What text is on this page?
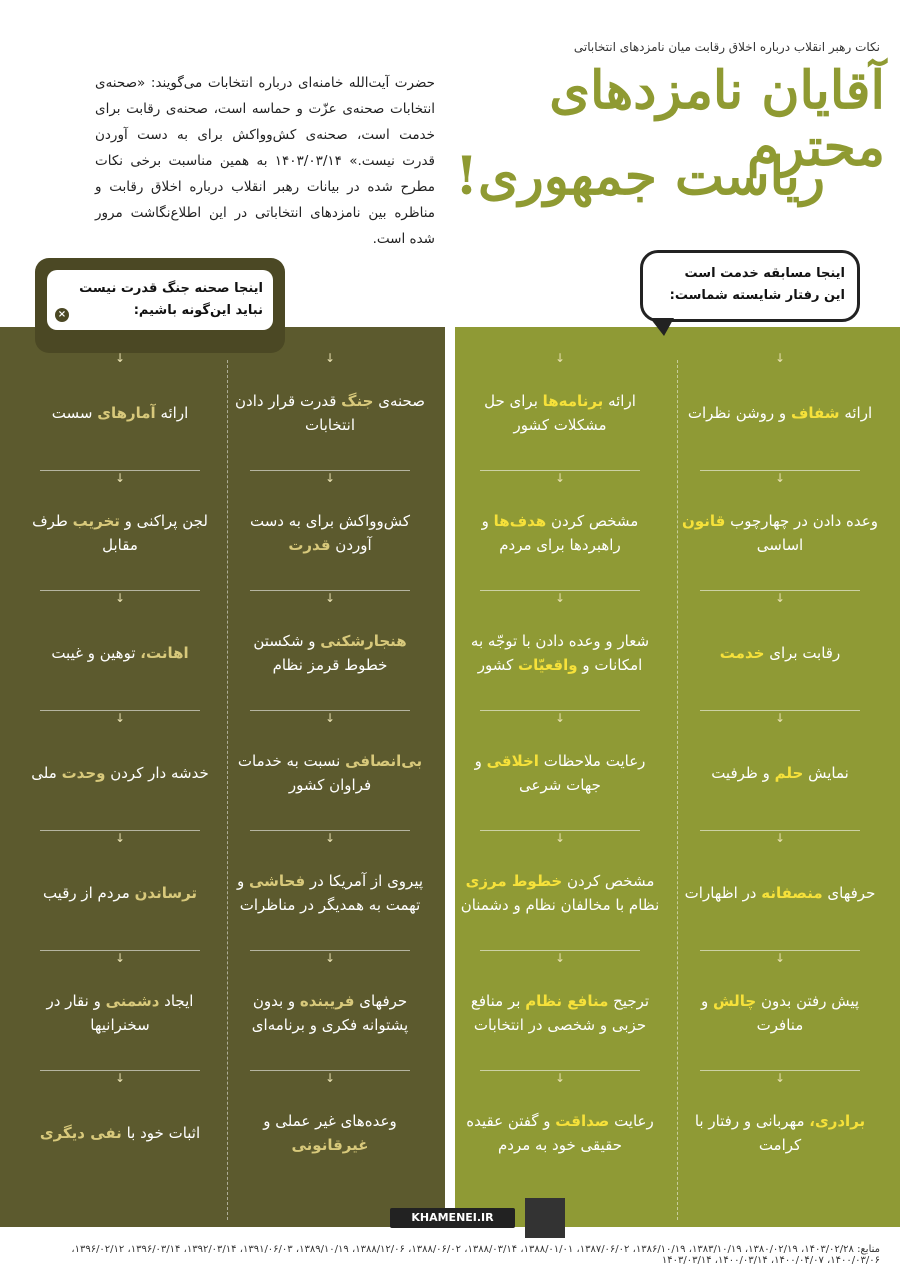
نکات رهبر انقلاب درباره اخلاق رقابت میان نامزدهای انتخاباتی
آقایان نامزدهای محترم
ریاست جمهوری!
حضرت آیت‌الله خامنه‌ای درباره انتخابات می‌گویند: «صحنه‌ی انتخابات صحنه‌ی عزّت و حماسه است، صحنه‌ی رقابت برای خدمت است، صحنه‌ی کش‌وواکش برای به دست آوردن قدرت نیست.» ۱۴۰۳/۰۳/۱۴ به همین مناسبت برخی نکات مطرح شده در بیانات رهبر انقلاب درباره اخلاق رقابت و مناظره بین نامزدهای انتخاباتی در این اطلاع‌نگاشت مرور شده است.
اینجا مسابقه خدمت است
این رفتار شایسته شماست:
اینجا صحنه جنگ قدرت نیست
نباید این‌گونه باشیم:
×
↓
ارائه شفاف و روشن نظرات
↓
وعده دادن در چهارچوب قانون اساسی
↓
رقابت برای خدمت
↓
نمایش حلم و ظرفیت
↓
حرفهای منصفانه در اظهارات
↓
پیش رفتن بدون چالش و منافرت
↓
برادری، مهربانی و رفتار با کرامت
↓
ارائه برنامه‌ها برای حل مشکلات کشور
↓
مشخص کردن هدف‌ها و راهبردها برای مردم
↓
شعار و وعده دادن با توجّه به امکانات و واقعیّات کشور
↓
رعایت ملاحظات اخلاقی و جهات شرعی
↓
مشخص کردن خطوط مرزی نظام با مخالفان نظام و دشمنان
↓
ترجیح منافع نظام بر منافع حزبی و شخصی در انتخابات
↓
رعایت صداقت و گفتن عقیده حقیقی خود به مردم
↓
صحنه‌ی جنگ قدرت قرار دادن انتخابات
↓
کش‌وواکش برای به دست آوردن قدرت
↓
هنجارشکنی و شکستن خطوط قرمز نظام
↓
بی‌انصافی نسبت به خدمات فراوان کشور
↓
پیروی از آمریکا در فحاشی و تهمت به همدیگر در مناظرات
↓
حرفهای فریبنده و بدون پشتوانه فکری و برنامه‌ای
↓
وعده‌های غیر عملی و غیرقانونی
↓
ارائه آمارهای سست
↓
لجن پراکنی و تخریب طرف مقابل
↓
اهانت، توهین و غیبت
↓
خدشه دار کردن وحدت ملی
↓
ترساندن مردم از رقیب
↓
ایجاد دشمنی و نقار در سخنرانیها
↓
اثبات خود با نفی دیگری
KHAMENEI.IR
منابع: ۱۴۰۳/۰۲/۲۸، ۱۳۸۰/۰۲/۱۹، ۱۳۸۳/۱۰/۱۹، ۱۳۸۶/۱۰/۱۹، ۱۳۸۷/۰۶/۰۲، ۱۳۸۸/۰۱/۰۱، ۱۳۸۸/۰۳/۱۴، ۱۳۸۸/۰۶/۰۲، ۱۳۸۸/۱۲/۰۶، ۱۳۸۹/۱۰/۱۹، ۱۳۹۱/۰۶/۰۳، ۱۳۹۲/۰۳/۱۴، ۱۳۹۶/۰۳/۱۴، ۱۳۹۶/۰۲/۱۲، ۱۴۰۰/۰۳/۰۶، ۱۴۰۰/۰۴/۰۷، ۱۴۰۰/۰۳/۱۴، ۱۴۰۳/۰۳/۱۴
